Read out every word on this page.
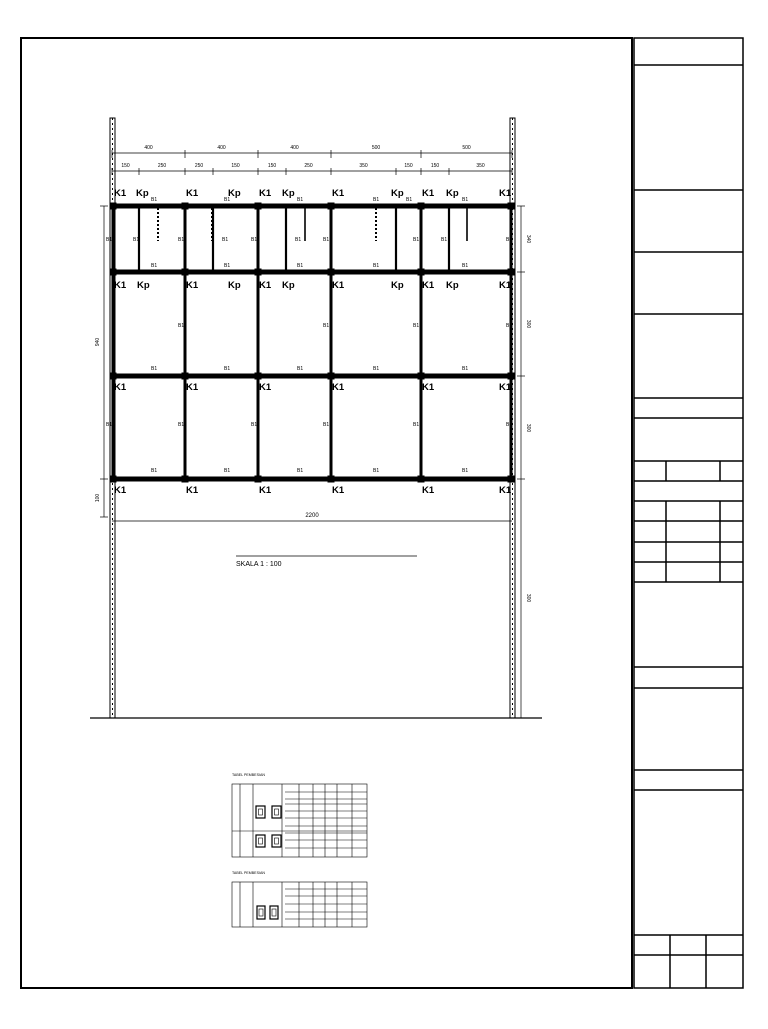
400	400	400	500	500
150	250	250	150	150	250	350	150	150	350
940
100
340
300
300
300
K1	K1	K1	K1	K1	K1
K1	K1	K1	K1	K1	K1
K1	K1	K1	K1	K1	K1
K1	K1	K1	K1	K1	K1
Kp	Kp	Kp	Kp	Kp
Kp	Kp	Kp	Kp	Kp
B1	B1	B1	B1	B1	B1
B1	B1	B1	B1	B1	B1	B1	B1	B1	B1
B1	B1	B1	B1	B1
B1	B1	B1	B1
B1	B1	B1	B1	B1
B1	B1	B1	B1	B1	B1
B1	B1	B1	B1	B1
2200
SKALA 1 : 100
TABEL PEMBESIAN
TABEL PEMBESIAN
